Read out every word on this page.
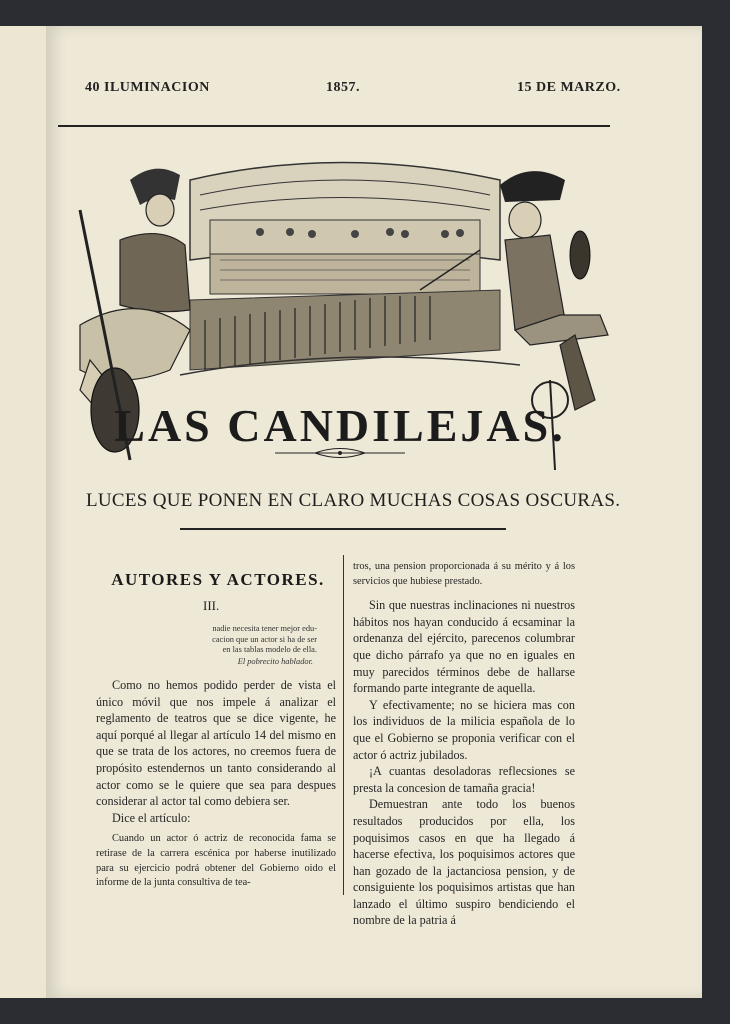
40 ILUMINACION	1857.	15 DE MARZO.
LAS CANDILEJAS.
LUCES QUE PONEN EN CLARO MUCHAS COSAS OSCURAS.
AUTORES Y ACTORES.
III.
nadie necesita tener mejor edu-
cacion que un actor si ha de ser
en las tablas modelo de ella.
El pobrecito hablador.

Como no hemos podido perder de vista el único móvil que nos impele á analizar el reglamento de teatros que se dice vigente, he aquí porqué al llegar al artículo 14 del mismo en que se trata de los actores, no creemos fuera de propósito estendernos un tanto considerando al actor como se le quiere que sea para despues considerar al actor tal como debiera ser.

Dice el artículo:

Cuando un actor ó actriz de reconocida fama se retirase de la carrera escénica por haberse inutilizado para su ejercicio podrá obtener del Gobierno oido el informe de la junta consultiva de tea-

tros, una pension proporcionada á su mérito y á los servicios que hubiese prestado.

Sin que nuestras inclinaciones ni nuestros hábitos nos hayan conducido á ecsaminar la ordenanza del ejército, parecenos columbrar que dicho párrafo ya que no en iguales en muy parecidos términos debe de hallarse formando parte integrante de aquella.

Y efectivamente; no se hiciera mas con los individuos de la milicia española de lo que el Gobierno se proponia verificar con el actor ó actriz jubilados.

¡A cuantas desoladoras reflecsiones se presta la concesion de tamaña gracia!

Demuestran ante todo los buenos resultados producidos por ella, los poquisimos casos en que ha llegado á hacerse efectiva, los poquisimos actores que han gozado de la jactanciosa pension, y de consiguiente los poquisimos artistas que han lanzado el último suspiro bendiciendo el nombre de la patria á
